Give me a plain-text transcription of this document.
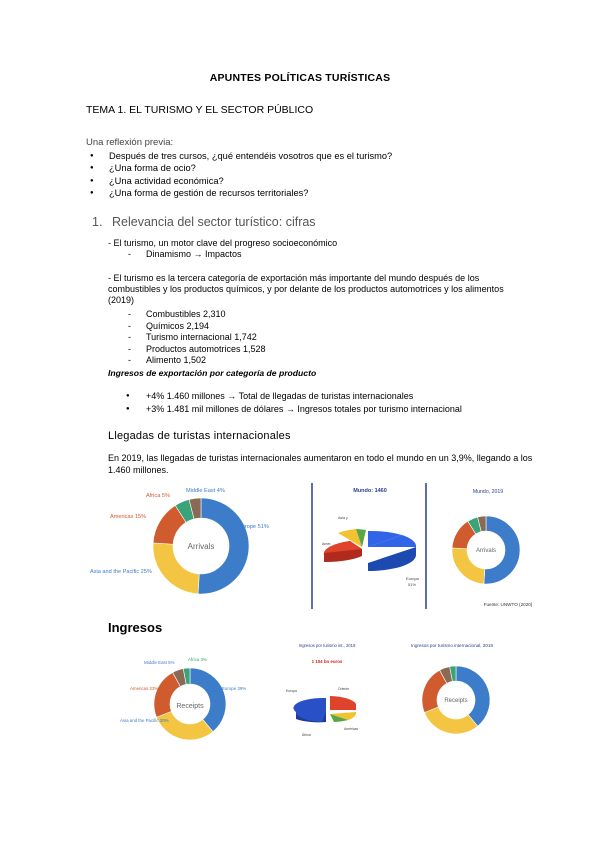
APUNTES POLÍTICAS TURÍSTICAS
TEMA 1. EL TURISMO Y EL SECTOR PÚBLICO
Una reflexión previa:
● Después de tres cursos, ¿qué entendéis vosotros que es el turismo?
● ¿Una forma de ocio?
● ¿Una actividad económica?
● ¿Una forma de gestión de recursos territoriales?
1. Relevancia del sector turístico: cifras
- El turismo, un motor clave del progreso socioeconómico
- Dinamismo → Impactos
- El turismo es la tercera categoría de exportación más importante del mundo después de los combustibles y los productos químicos, y por delante de los productos automotrices y los alimentos (2019)
- Combustibles 2,310
- Químicos 2,194
- Turismo internacional 1,742
- Productos automotrices 1,528
- Alimento 1,502
Ingresos de exportación por categoría de producto
● +4% 1.460 millones → Total de llegadas de turistas internacionales
● +3% 1.481 mil millones de dólares → Ingresos totales por turismo internacional
Llegadas de turistas internacionales
En 2019, las llegadas de turistas internacionales aumentaron en todo el mundo en un 3,9%, llegando a los 1.460 millones.
Arrivals
Europe 51%
Asia and the Pacific 25%
Americas 15%
Africa 5%
Middle East 4%	Mundo: 1460
Asia y
Amér.
Europa
51%
Mundo, 2019
Fuente: UNWTO (2020)
Arrivals
Ingresos
Receipts
Europe 39%
Asia and the Pacific 30%
Americas 23%
Middle East 5%
Africa 3%
Ingresos por turismo int., 2019
1 104 bn euros
Europa	Oriente
Américas
África
Ingresos por turismo internacional, 2019
Receipts
